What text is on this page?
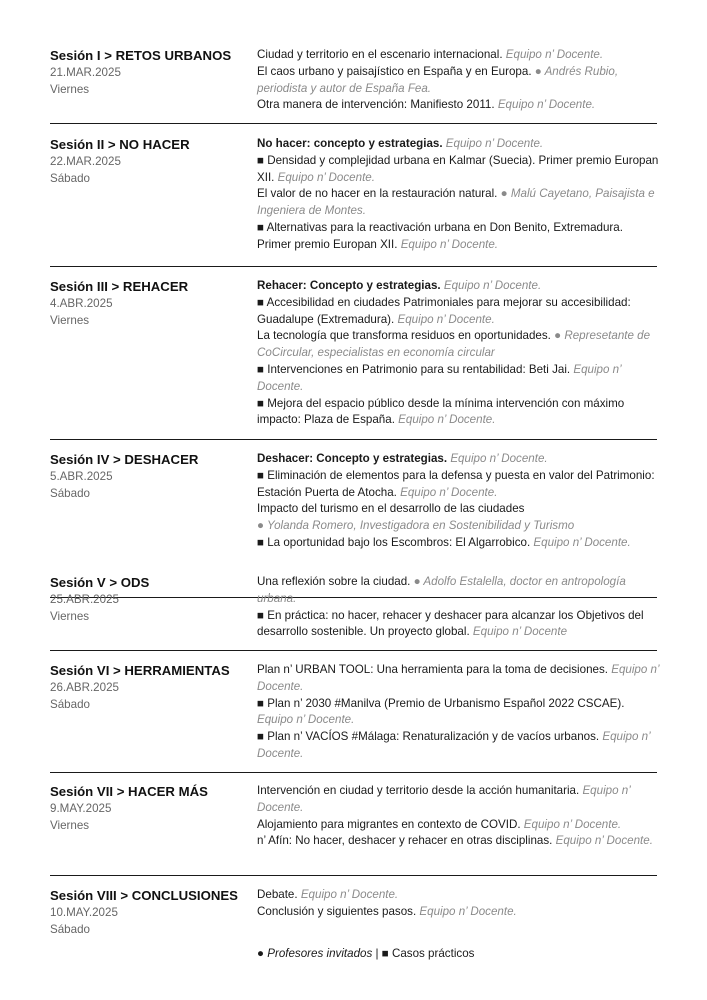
Sesión I > RETOS URBANOS
21.MAR.2025
Viernes
Ciudad y territorio en el escenario internacional. Equipo n’ Docente.
El caos urbano y paisajístico en España y en Europa. ● Andrés Rubio, periodista y autor de España Fea.
Otra manera de intervención: Manifiesto 2011. Equipo n’ Docente.
Sesión II > NO HACER
22.MAR.2025
Sábado
No hacer: concepto y estrategias. Equipo n’ Docente.
■ Densidad y complejidad urbana en Kalmar (Suecia). Primer premio Europan XII. Equipo n’ Docente.
El valor de no hacer en la restauración natural. ● Malú Cayetano, Paisajista e Ingeniera de Montes.
■ Alternativas para la reactivación urbana en Don Benito, Extremadura. Primer premio Europan XII. Equipo n’ Docente.
Sesión III > REHACER
4.ABR.2025
Viernes
Rehacer: Concepto y estrategias. Equipo n’ Docente.
■ Accesibilidad en ciudades Patrimoniales para mejorar su accesibilidad: Guadalupe (Extremadura). Equipo n’ Docente.
La tecnología que transforma residuos en oportunidades. ● Represetante de CoCircular, especialistas en economía circular
■ Intervenciones en Patrimonio para su rentabilidad: Beti Jai. Equipo n’ Docente.
■ Mejora del espacio público desde la mínima intervención con máximo impacto: Plaza de España. Equipo n’ Docente.
Sesión IV > DESHACER
5.ABR.2025
Sábado
Deshacer: Concepto y estrategias. Equipo n’ Docente.
■ Eliminación de elementos para la defensa y puesta en valor del Patrimonio: Estación Puerta de Atocha. Equipo n’ Docente.
Impacto del turismo en el desarrollo de las ciudades
● Yolanda Romero, Investigadora en Sostenibilidad y Turismo
■ La oportunidad bajo los Escombros: El Algarrobico. Equipo n’ Docente.
Sesión V > ODS
25.ABR.2025
Viernes
Una reflexión sobre la ciudad. ● Adolfo Estalella, doctor en antropología urbana.
■ En práctica: no hacer, rehacer y deshacer para alcanzar los Objetivos del desarrollo sostenible. Un proyecto global. Equipo n’ Docente
Sesión VI > HERRAMIENTAS
26.ABR.2025
Sábado
Plan n’ URBAN TOOL: Una herramienta para la toma de decisiones. Equipo n’ Docente.
■ Plan n’ 2030 #Manilva (Premio de Urbanismo Español 2022 CSCAE). Equipo n’ Docente.
■ Plan n’ VACÍOS #Málaga: Renaturalización y de vacíos urbanos. Equipo n’ Docente.
Sesión VII > HACER MÁS
9.MAY.2025
Viernes
Intervención en ciudad y territorio desde la acción humanitaria. Equipo n’ Docente.
Alojamiento para migrantes en contexto de COVID. Equipo n’ Docente.
n’ Afín: No hacer, deshacer y rehacer en otras disciplinas. Equipo n’ Docente.
Sesión VIII > CONCLUSIONES
10.MAY.2025
Sábado
Debate. Equipo n’ Docente.
Conclusión y siguientes pasos. Equipo n’ Docente.
● Profesores invitados | ■ Casos prácticos
